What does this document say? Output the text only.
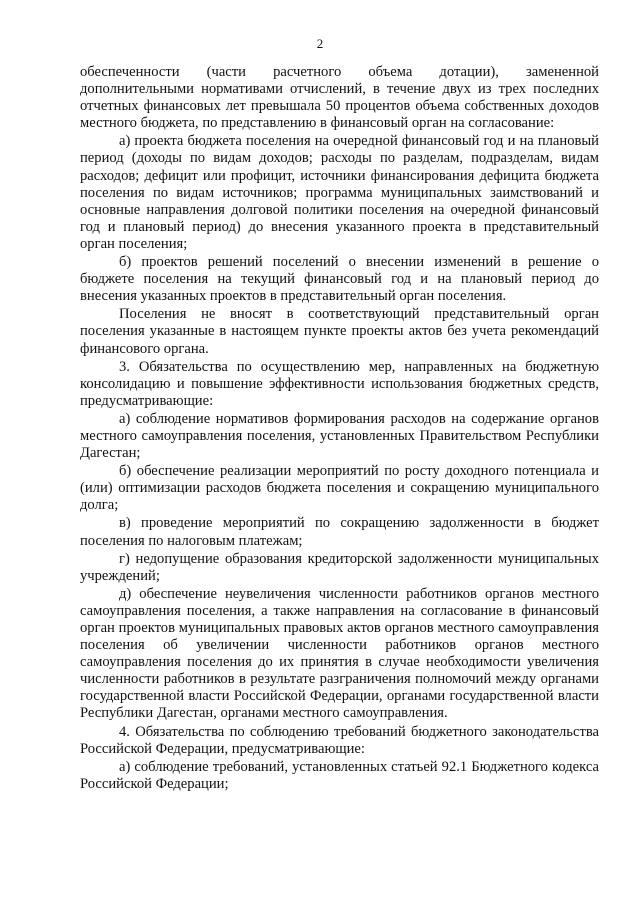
2

обеспеченности (части расчетного объема дотации), замененной дополнительными нормативами отчислений, в течение двух из трех последних отчетных финансовых лет превышала 50 процентов объема собственных доходов местного бюджета, по представлению в финансовый орган на согласование:

а) проекта бюджета поселения на очередной финансовый год и на плановый период (доходы по видам доходов; расходы по разделам, подразделам, видам расходов; дефицит или профицит, источники финансирования дефицита бюджета поселения по видам источников; программа муниципальных заимствований и основные направления долговой политики поселения на очередной финансовый год и плановый период) до внесения указанного проекта в представительный орган поселения;

б) проектов решений поселений о внесении изменений в решение о бюджете поселения на текущий финансовый год и на плановый период до внесения указанных проектов в представительный орган поселения.

Поселения не вносят в соответствующий представительный орган поселения указанные в настоящем пункте проекты актов без учета рекомендаций финансового органа.

3. Обязательства по осуществлению мер, направленных на бюджетную консолидацию и повышение эффективности использования бюджетных средств, предусматривающие:

а) соблюдение нормативов формирования расходов на содержание органов местного самоуправления поселения, установленных Правительством Республики Дагестан;

б) обеспечение реализации мероприятий по росту доходного потенциала и (или) оптимизации расходов бюджета поселения и сокращению муниципального долга;

в) проведение мероприятий по сокращению задолженности в бюджет поселения по налоговым платежам;

г) недопущение образования кредиторской задолженности муниципальных учреждений;

д) обеспечение неувеличения численности работников органов местного самоуправления поселения, а также направления на согласование в финансовый орган проектов муниципальных правовых актов органов местного самоуправления поселения об увеличении численности работников органов местного самоуправления поселения до их принятия в случае необходимости увеличения численности работников в результате разграничения полномочий между органами государственной власти Российской Федерации, органами государственной власти Республики Дагестан, органами местного самоуправления.

4. Обязательства по соблюдению требований бюджетного законодательства Российской Федерации, предусматривающие:

а) соблюдение требований, установленных статьей 92.1 Бюджетного кодекса Российской Федерации;
